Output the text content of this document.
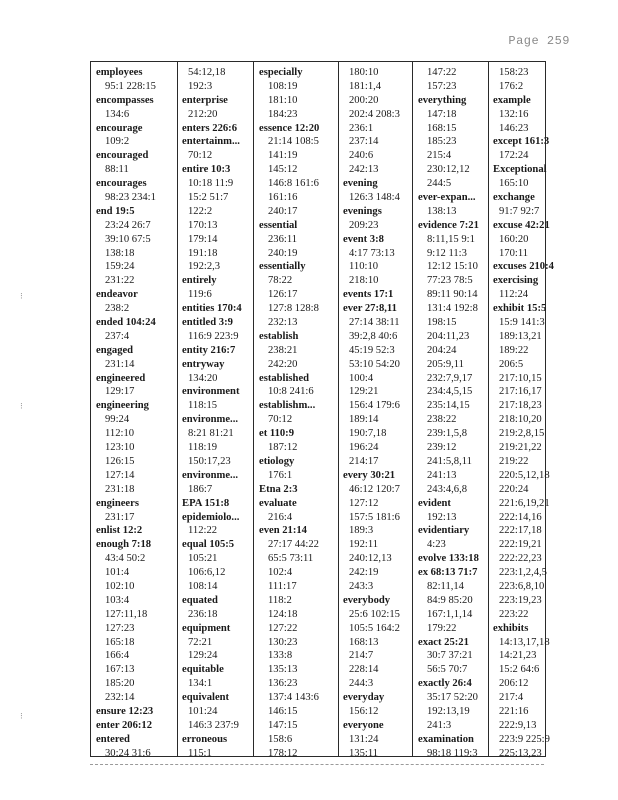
Page 259
employees
95:1 228:15
encompasses
134:6
encourage
109:2
encouraged
88:11
encourages
98:23 234:1
end 19:5
23:24 26:7
39:10 67:5
138:18
159:24
231:22
endeavor
238:2
ended 104:24
237:4
engaged
231:14
engineered
129:17
engineering
99:24
112:10
123:10
126:15
127:14
231:18
engineers
231:17
enlist 12:2
enough 7:18
43:4 50:2
101:4
102:10
103:4
127:11,18
127:23
165:18
166:4
167:13
185:20
232:14
ensure 12:23
enter 206:12
entered
30:24 31:6
54:12,18
192:3
enterprise
212:20
enters 226:6
entertainm...
70:12
entire 10:3
10:18 11:9
15:2 51:7
122:2
170:13
179:14
191:18
192:2,3
entirely
119:6
entities 170:4
entitled 3:9
116:9 223:9
entity 216:7
entryway
134:20
environment
118:15
environme...
8:21 81:21
118:19
150:17,23
environme...
186:7
EPA 151:8
epidemiolo...
112:22
equal 105:5
105:21
106:6,12
108:14
equated
236:18
equipment
72:21
129:24
equitable
134:1
equivalent
101:24
146:3 237:9
erroneous
115:1
especially
108:19
181:10
184:23
essence 12:20
21:14 108:5
141:19
145:12
146:8 161:6
161:16
240:17
essential
236:11
240:19
essentially
78:22
126:17
127:8 128:8
232:13
establish
238:21
242:20
established
10:8 241:6
establishm...
70:12
et 110:9
187:12
etiology
176:1
Etna 2:3
evaluate
216:4
even 21:14
27:17 44:22
65:5 73:11
102:4
111:17
118:2
124:18
127:22
130:23
133:8
135:13
136:23
137:4 143:6
146:15
147:15
158:6
178:12
180:10
181:1,4
200:20
202:4 208:3
236:1
237:14
240:6
242:13
evening
126:3 148:4
evenings
209:23
event 3:8
4:17 73:13
110:10
218:10
events 17:1
ever 27:8,11
27:14 38:11
39:2,8 40:6
45:19 52:3
53:10 54:20
100:4
129:21
156:4 179:6
189:14
190:7,18
196:24
214:17
every 30:21
46:12 120:7
127:12
157:5 181:6
189:3
192:11
240:12,13
242:19
243:3
everybody
25:6 102:15
105:5 164:2
168:13
214:7
228:14
244:3
everyday
156:12
everyone
131:24
135:11
147:22
157:23
everything
147:18
168:15
185:23
215:4
230:12,12
244:5
ever-expan...
138:13
evidence 7:21
8:11,15 9:1
9:12 11:3
12:12 15:10
77:23 78:5
89:11 90:14
131:4 192:8
198:15
204:11,23
204:24
205:9,11
232:7,9,17
234:4,5,15
235:14,15
238:22
239:1,5,8
239:12
241:5,8,11
241:13
243:4,6,8
evident
192:13
evidentiary
4:23
evolve 133:18
ex 68:13 71:7
82:11,14
84:9 85:20
167:1,1,14
179:22
exact 25:21
30:7 37:21
56:5 70:7
exactly 26:4
35:17 52:20
192:13,19
241:3
examination
98:18 119:3
158:23
176:2
example
132:16
146:23
except 161:3
172:24
Exceptional
165:10
exchange
91:7 92:7
excuse 42:21
160:20
170:11
excuses 210:4
exercising
112:24
exhibit 15:5
15:9 141:3
189:13,21
189:22
206:5
217:10,15
217:16,17
217:18,23
218:10,20
219:2,8,15
219:21,22
219:22
220:5,12,18
220:24
221:6,19,21
222:14,16
222:17,18
222:19,21
222:22,23
223:1,2,4,5
223:6,8,10
223:19,23
223:22
exhibits
14:13,17,18
14:21,23
15:2 64:6
206:12
217:4
221:16
222:9,13
223:9 225:9
225:13,23
⁝
⁝
⁝
